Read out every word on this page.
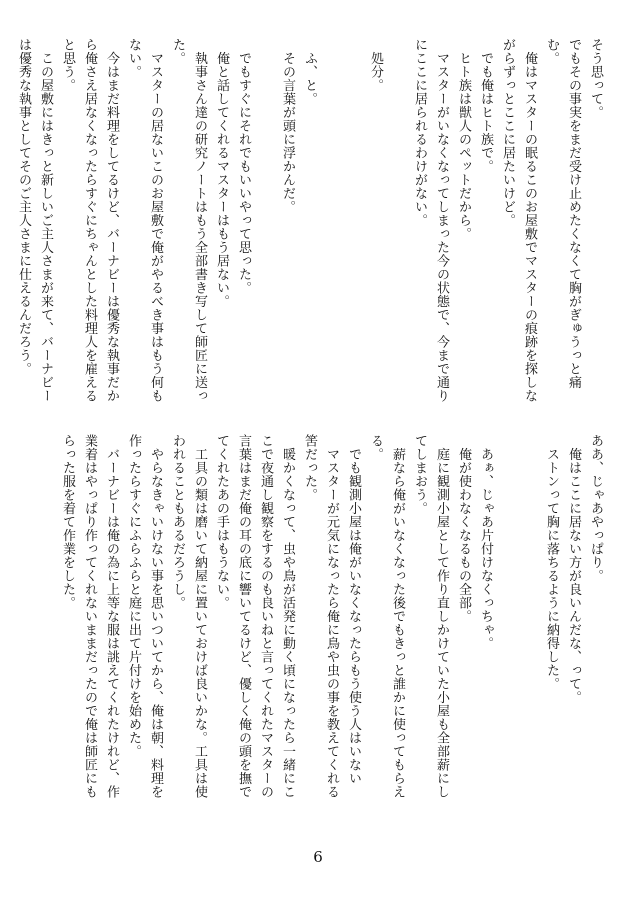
そう思って。

でもその事実をまだ受け止めたくなくて胸がぎゅうっと痛

む。

　俺はマスターの眠るこのお屋敷でマスターの痕跡を探しな

がらずっとここに居たいけど。

　でも俺はヒト族で。

　ヒト族は獣人のペットだから。

　マスターがいなくなってしまった今の状態で、今まで通り

にここに居られるわけがない。

　処分。

　ふ、と。

　その言葉が頭に浮かんだ。

　でもすぐにそれでもいいやって思った。

　俺と話してくれるマスターはもう居ない。

　執事さん達の研究ノートはもう全部書き写して師匠に送っ

た。

　マスターの居ないこのお屋敷で俺がやるべき事はもう何も

ない。

　今はまだ料理をしてるけど、バーナビーは優秀な執事だか

ら俺さえ居なくなったらすぐにちゃんとした料理人を雇える

と思う。

　この屋敷にはきっと新しいご主人さまが来て、バーナビー

は優秀な執事としてそのご主人さまに仕えるんだろう。

ああ、じゃあやっぱり。

　俺はここに居ない方が良いんだな、って。

　ストンって胸に落ちるように納得した。

　あぁ、じゃあ片付けなくっちゃ。

　俺が使わなくなるもの全部。

　庭に観測小屋として作り直しかけていた小屋も全部薪にし

てしまおう。

　薪なら俺がいなくなった後でもきっと誰かに使ってもらえ

る。

　でも観測小屋は俺がいなくなったらもう使う人はいない

　マスターが元気になったら俺に鳥や虫の事を教えてくれる

筈だった。

　暖かくなって、虫や鳥が活発に動く頃になったら一緒にこ

こで夜通し観察をするのも良いねと言ってくれたマスターの

言葉はまだ俺の耳の底に響いてるけど、優しく俺の頭を撫で

てくれたあの手はもうない。

　工具の類は磨いて納屋に置いておけば良いかな。工具は使

われることもあるだろうし。

　やらなきゃいけない事を思いついてから、俺は朝、料理を

作ったらすぐにふらふらと庭に出て片付けを始めた。

　バーナビーは俺の為に上等な服は誂えてくれたけれど、作

業着はやっぱり作ってくれないままだったので俺は師匠にも

らった服を着て作業をした。

6
